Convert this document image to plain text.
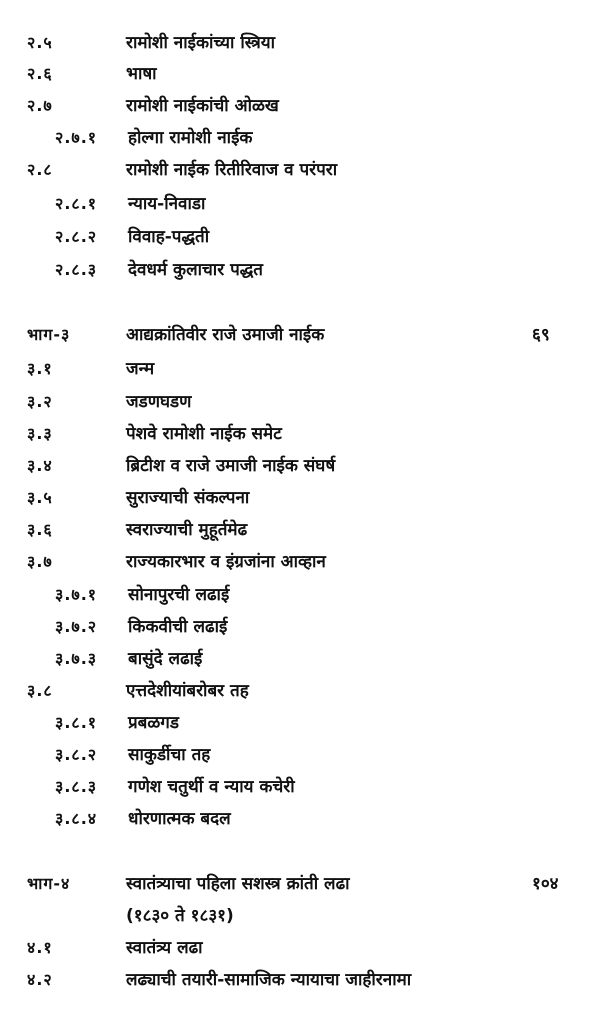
२.५	रामोशी नाईकांच्या स्त्रिया
२.६	भाषा
२.७	रामोशी नाईकांची ओळख
२.७.१ होल्गा रामोशी नाईक
२.८	रामोशी नाईक रितीरिवाज व परंपरा
२.८.१ न्याय-निवाडा
२.८.२ विवाह-पद्धती
२.८.३ देवधर्म कुलाचार पद्धत
भाग-३	आद्यक्रांतिवीर राजे उमाजी नाईक	६९
३.१	जन्म
३.२	जडणघडण
३.३	पेशवे रामोशी नाईक समेट
३.४	ब्रिटीश व राजे उमाजी नाईक संघर्ष
३.५	सुराज्याची संकल्पना
३.६	स्वराज्याची मुहूर्तमेढ
३.७	राज्यकारभार व इंग्रजांना आव्हान
३.७.१ सोनापुरची लढाई
३.७.२ किकवीची लढाई
३.७.३ बासुंदे लढाई
३.८	एत्तदेशीयांबरोबर तह
३.८.१ प्रबळगड
३.८.२ साकुर्डीचा तह
३.८.३ गणेश चतुर्थी व न्याय कचेरी
३.८.४ धोरणात्मक बदल
भाग-४	स्वातंत्र्याचा पहिला सशस्त्र क्रांती लढा	१०४
(१८३० ते १८३१)
४.१	स्वातंत्र्य लढा
४.२	लढ्याची तयारी-सामाजिक न्यायाचा जाहीरनामा
